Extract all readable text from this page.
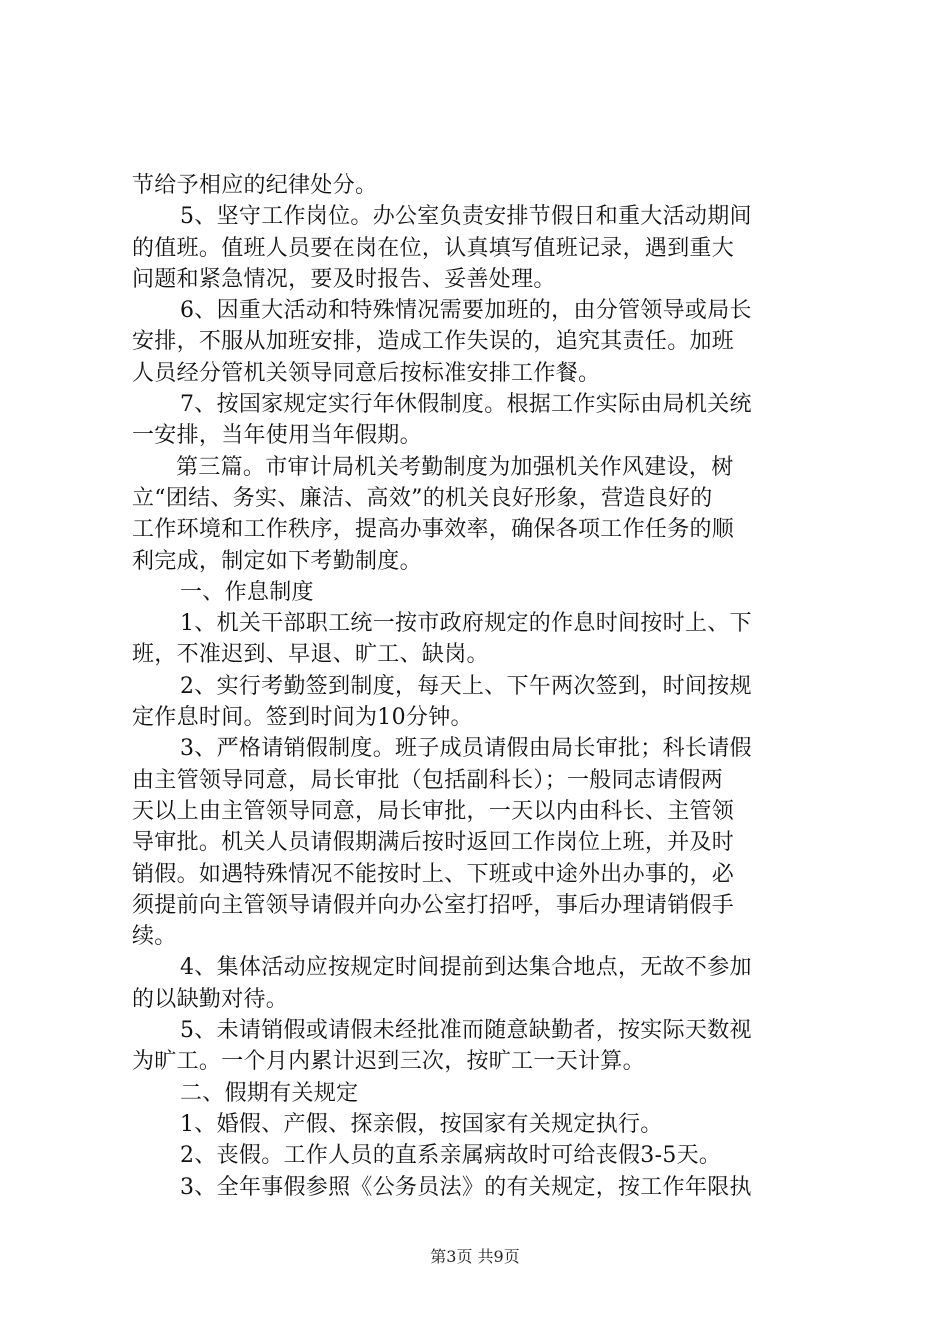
节给予相应的纪律处分。
5、坚守工作岗位。办公室负责安排节假日和重大活动期间
的值班。值班人员要在岗在位，认真填写值班记录，遇到重大
问题和紧急情况，要及时报告、妥善处理。
6、因重大活动和特殊情况需要加班的，由分管领导或局长
安排，不服从加班安排，造成工作失误的，追究其责任。加班
人员经分管机关领导同意后按标准安排工作餐。
7、按国家规定实行年休假制度。根据工作实际由局机关统
一安排，当年使用当年假期。
第三篇。市审计局机关考勤制度为加强机关作风建设，树
立“团结、务实、廉洁、高效”的机关良好形象，营造良好的
工作环境和工作秩序，提高办事效率，确保各项工作任务的顺
利完成，制定如下考勤制度。
一、作息制度
1、机关干部职工统一按市政府规定的作息时间按时上、下
班，不准迟到、早退、旷工、缺岗。
2、实行考勤签到制度，每天上、下午两次签到，时间按规
定作息时间。签到时间为10分钟。
3、严格请销假制度。班子成员请假由局长审批；科长请假
由主管领导同意，局长审批（包括副科长）；一般同志请假两
天以上由主管领导同意，局长审批，一天以内由科长、主管领
导审批。机关人员请假期满后按时返回工作岗位上班，并及时
销假。如遇特殊情况不能按时上、下班或中途外出办事的，必
须提前向主管领导请假并向办公室打招呼，事后办理请销假手
续。
4、集体活动应按规定时间提前到达集合地点，无故不参加
的以缺勤对待。
5、未请销假或请假未经批准而随意缺勤者，按实际天数视
为旷工。一个月内累计迟到三次，按旷工一天计算。
二、假期有关规定
1、婚假、产假、探亲假，按国家有关规定执行。
2、丧假。工作人员的直系亲属病故时可给丧假3-5天。
3、全年事假参照《公务员法》的有关规定，按工作年限执
第3页 共9页
